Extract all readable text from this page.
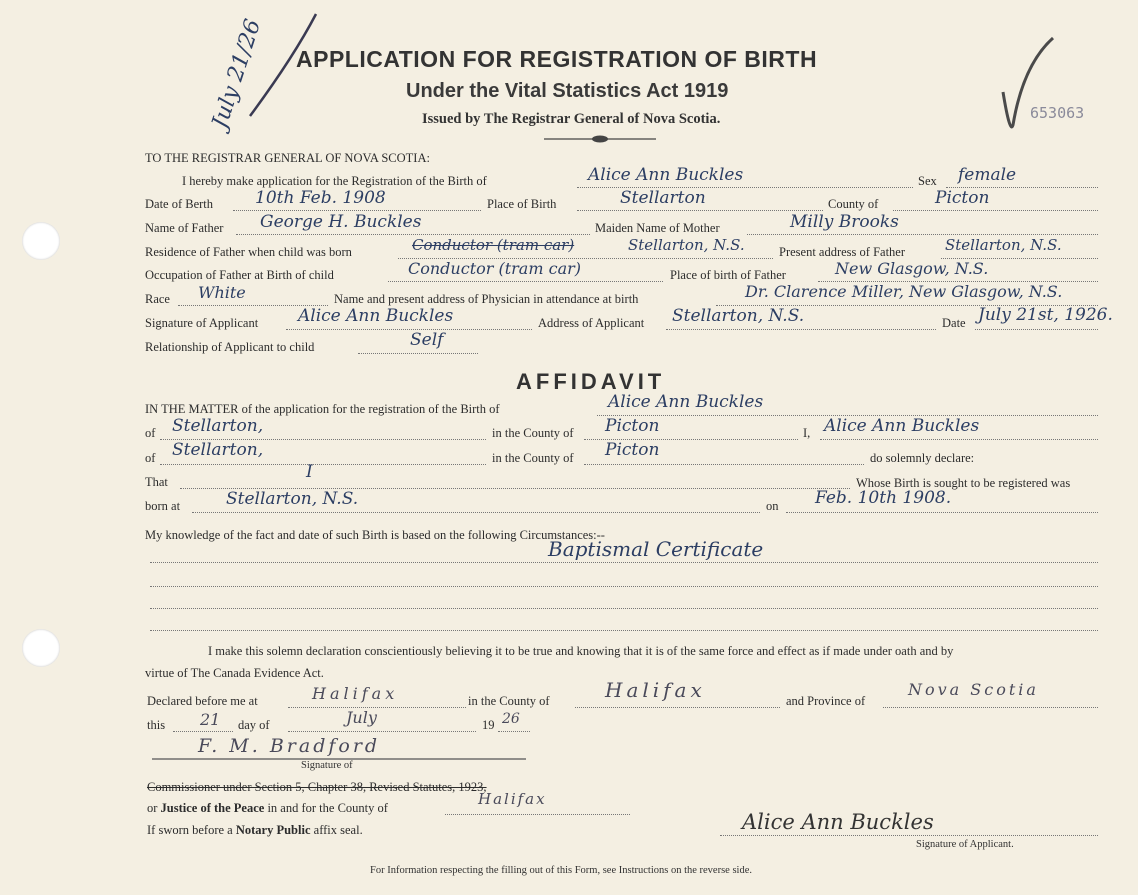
July 21/26	653063
APPLICATION FOR REGISTRATION OF BIRTH
Under the Vital Statistics Act 1919
Issued by The Registrar General of Nova Scotia.
TO THE REGISTRAR GENERAL OF NOVA SCOTIA:
I hereby make application for the Registration of the Birth of	Alice Ann Buckles	Sex female
Date of Berth 10th Feb. 1908	Place of Birth	Stellarton	County of	Picton
Name of Father George H. Buckles	Maiden Name of Mother	Milly Brooks
Residence of Father when child was born	Conductor (tram car)	Stellarton, N.S.	Present address of Father	Stellarton, N.S.
Occupation of Father at Birth of child	Conductor (tram car)	Place of birth of Father	New Glasgow, N.S.
Race White	Name and present address of Physician in attendance at birth	Dr. Clarence Miller, New Glasgow, N.S.
Signature of Applicant Alice Ann Buckles	Address of Applicant Stellarton, N.S.	Date July 21st, 1926.
Relationship of Applicant to child	Self
AFFIDAVIT
IN THE MATTER of the application for the registration of the Birth of	Alice Ann Buckles
of Stellarton,	in the County of Picton	I, Alice Ann Buckles
of Stellarton,	in the County of Picton	do solemnly declare:
That	I
Whose Birth is sought to be registered was
born at	Stellarton, N.S.	on Feb. 10th 1908.
My knowledge of the fact and date of such Birth is based on the following Circumstances:--
Baptismal Certificate
I make this solemn declaration conscientiously believing it to be true and knowing that it is of the same force and effect as if made under oath and by
virtue of The Canada Evidence Act.
Declared before me at	Halifax	in the County of	Halifax	and Province of
Nova Scotia
this 21 day of	July	19 26
F. M. Bradford
Signature of
Commissioner under Section 5, Chapter 38, Revised Statutes, 1923,
or Justice of the Peace in and for the County of	Halifax
If sworn before a Notary Public affix seal.	Alice Ann Buckles
Signature of Applicant.
For Information respecting the filling out of this Form, see Instructions on the reverse side.
